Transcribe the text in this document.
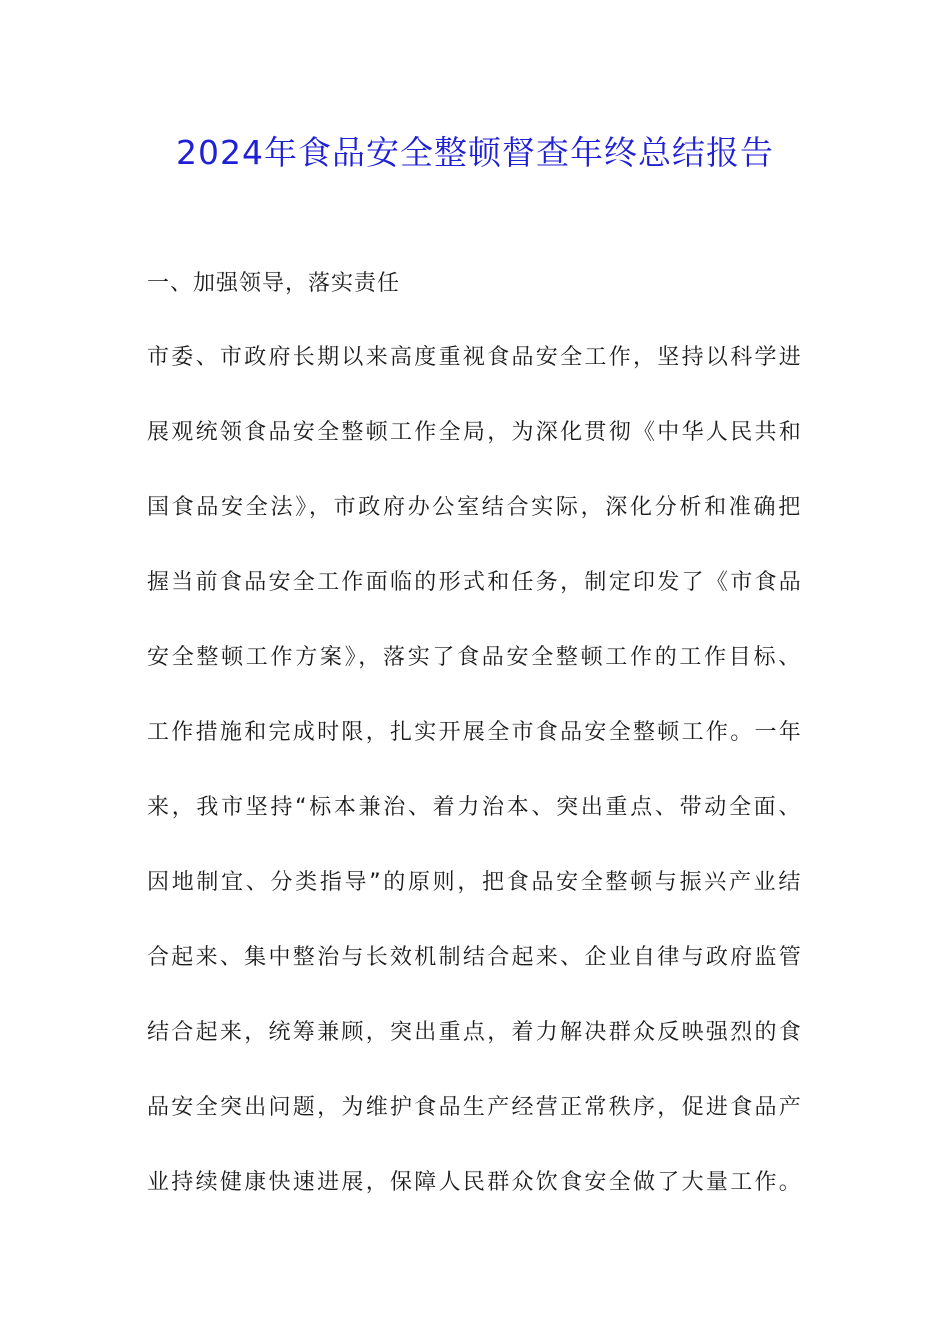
2024年食品安全整顿督查年终总结报告
一、加强领导，落实责任

市委、市政府长期以来高度重视食品安全工作，坚持以科学进

展观统领食品安全整顿工作全局，为深化贯彻《中华人民共和

国食品安全法》，市政府办公室结合实际，深化分析和准确把

握当前食品安全工作面临的形式和任务，制定印发了《市食品

安全整顿工作方案》，落实了食品安全整顿工作的工作目标、

工作措施和完成时限，扎实开展全市食品安全整顿工作。一年

来，我市坚持“标本兼治、着力治本、突出重点、带动全面、

因地制宜、分类指导”的原则，把食品安全整顿与振兴产业结

合起来、集中整治与长效机制结合起来、企业自律与政府监管

结合起来，统筹兼顾，突出重点，着力解决群众反映强烈的食

品安全突出问题，为维护食品生产经营正常秩序，促进食品产

业持续健康快速进展，保障人民群众饮食安全做了大量工作。
